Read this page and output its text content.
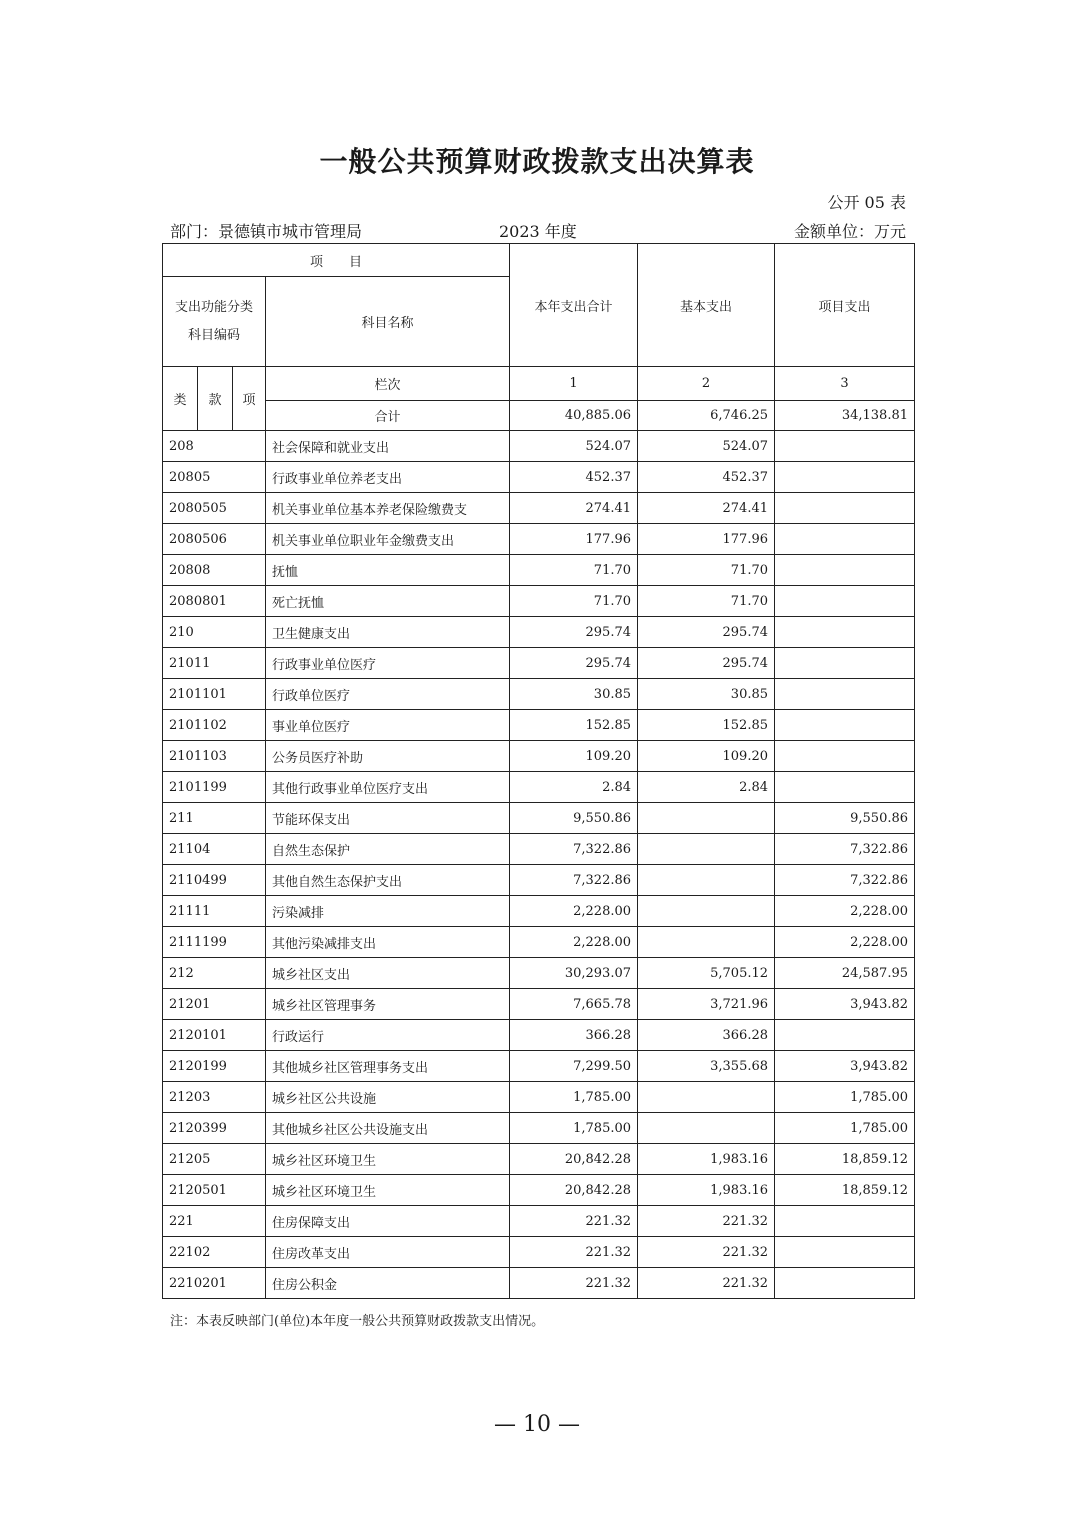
一般公共预算财政拨款支出决算表
公开 05 表
部门：景德镇市城市管理局	2023 年度	金额单位：万元
项　　目				本年支出合计	基本支出	项目支出

支出功能分类
科目编码			科目名称			
类	款	项	栏次	1	2	3
			合计	40,885.06	6,746.25	34,138.81
208			社会保障和就业支出	524.07	524.07	
20805			行政事业单位养老支出	452.37	452.37	
2080505			机关事业单位基本养老保险缴费支	274.41	274.41	
2080506			机关事业单位职业年金缴费支出	177.96	177.96	
20808			抚恤	71.70	71.70	
2080801			死亡抚恤	71.70	71.70	
210			卫生健康支出	295.74	295.74	
21011			行政事业单位医疗	295.74	295.74	
2101101			行政单位医疗	30.85	30.85	
2101102			事业单位医疗	152.85	152.85	
2101103			公务员医疗补助	109.20	109.20	
2101199			其他行政事业单位医疗支出	2.84	2.84	
211			节能环保支出	9,550.86		9,550.86
21104			自然生态保护	7,322.86		7,322.86
2110499			其他自然生态保护支出	7,322.86		7,322.86
21111			污染减排	2,228.00		2,228.00
2111199			其他污染减排支出	2,228.00		2,228.00
212			城乡社区支出	30,293.07	5,705.12	24,587.95
21201			城乡社区管理事务	7,665.78	3,721.96	3,943.82
2120101			行政运行	366.28	366.28	
2120199			其他城乡社区管理事务支出	7,299.50	3,355.68	3,943.82
21203			城乡社区公共设施	1,785.00		1,785.00
2120399			其他城乡社区公共设施支出	1,785.00		1,785.00
21205			城乡社区环境卫生	20,842.28	1,983.16	18,859.12
2120501			城乡社区环境卫生	20,842.28	1,983.16	18,859.12
221			住房保障支出	221.32	221.32	
22102			住房改革支出	221.32	221.32	
2210201			住房公积金	221.32	221.32	
注：本表反映部门(单位)本年度一般公共预算财政拨款支出情况。
— 10 —
